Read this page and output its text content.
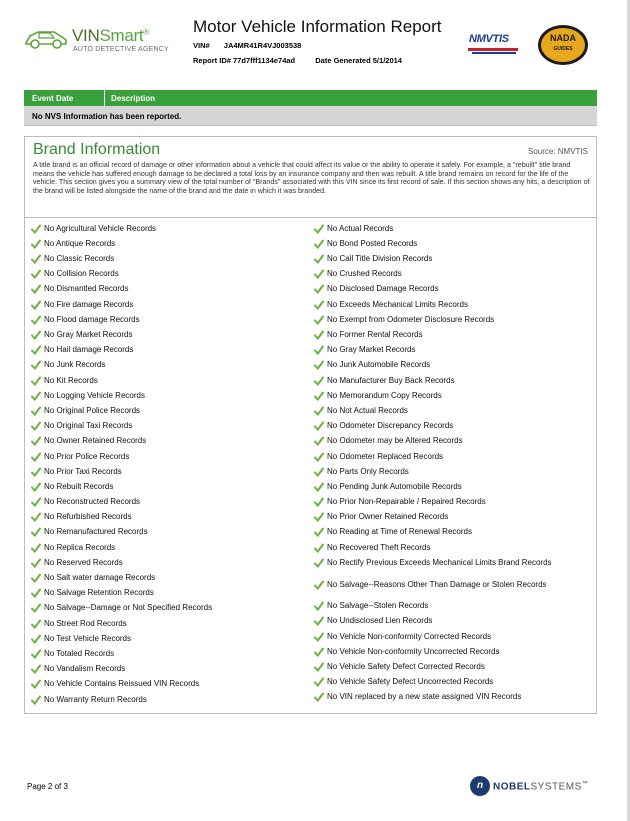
VINSmart®
AUTO DETECTIVE AGENCY
Motor Vehicle Information Report
VIN# JA4MR41R4VJ003538
Report ID# 77d7fff1134e74ad	Date Generated 5/1/2014
NMVTIS	NADA
GUIDES
Event Date	Description
No NVS Information has been reported.
Brand Information	Source: NMVTIS
A title brand is an official record of damage or other information about a vehicle that could affect its value or the ability to operate it safely. For example, a "rebuilt" title brand means the vehicle has suffered enough damage to be declared a total loss by an insurance company and then was rebuilt. A title brand remains on record for the life of the vehicle. This section gives you a summary view of the total number of "Brands" associated with this VIN since its first record of sale. If this section shows any hits, a description of the brand will be listed alongside the name of the brand and the date in which it was branded.
No Agricultural Vehicle Records
No Antique Records
No Classic Records
No Collision Records
No Dismantled Records
No Fire damage Records
No Flood damage Records
No Gray Market Records
No Hail damage Records
No Junk Records
No Kit Records
No Logging Vehicle Records
No Original Police Records
No Original Taxi Records
No Owner Retained Records
No Prior Police Records
No Prior Taxi Records
No Rebuilt Records
No Reconstructed Records
No Refurbished Records
No Remanufactured Records
No Replica Records
No Reserved Records
No Salt water damage Records
No Salvage Retention Records
No Salvage--Damage or Not Specified Records
No Street Rod Records
No Test Vehicle Records
No Totaled Records
No Vandalism Records
No Vehicle Contains Reissued VIN Records
No Warranty Return Records
No Actual Records
No Bond Posted Records
No Call Title Division Records
No Crushed Records
No Disclosed Damage Records
No Exceeds Mechanical Limits Records
No Exempt from Odometer Disclosure Records
No Former Rental Records
No Gray Market Records
No Junk Automobile Records
No Manufacturer Buy Back Records
No Memorandum Copy Records
No Not Actual Records
No Odometer Discrepancy Records
No Odometer may be Altered Records
No Odometer Replaced Records
No Parts Only Records
No Pending Junk Automobile Records
No Prior Non-Repairable / Repaired Records
No Prior Owner Retained Records
No Reading at Time of Renewal Records
No Recovered Theft Records
No Rectify Previous Exceeds Mechanical Limits Brand Records
No Salvage--Reasons Other Than Damage or Stolen Records
No Salvage--Stolen Records
No Undisclosed Lien Records
No Vehicle Non-conformity Corrected Records
No Vehicle Non-conformity Uncorrected Records
No Vehicle Safety Defect Corrected Records
No Vehicle Safety Defect Uncorrected Records
No VIN replaced by a new state assigned VIN Records
Page 2 of 3	n NOBELSYSTEMS™
